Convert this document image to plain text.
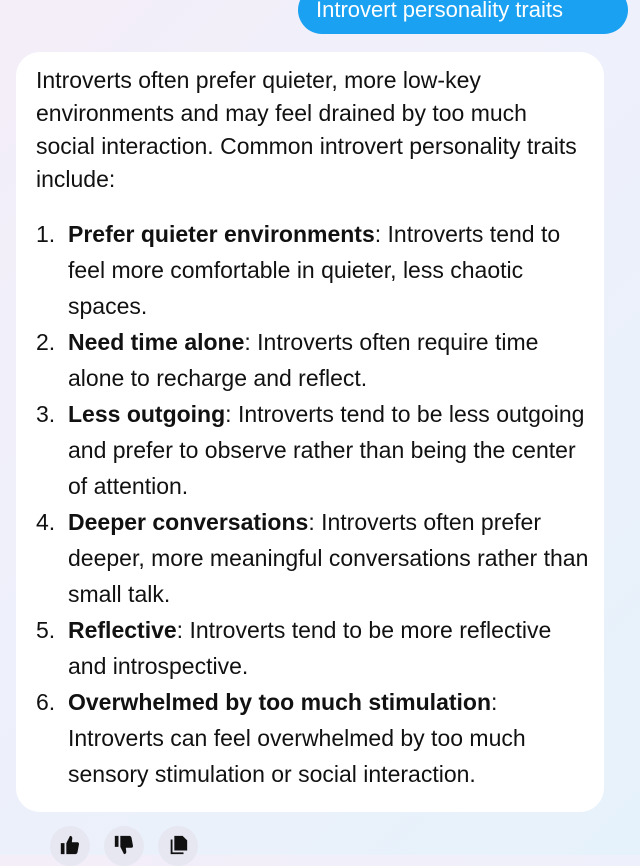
Introvert personality traits

Introverts often prefer quieter, more low-key environments and may feel drained by too much social interaction. Common introvert personality traits include:

1. Prefer quieter environments: Introverts tend to feel more comfortable in quieter, less chaotic spaces.
2. Need time alone: Introverts often require time alone to recharge and reflect.
3. Less outgoing: Introverts tend to be less outgoing and prefer to observe rather than being the center of attention.
4. Deeper conversations: Introverts often prefer deeper, more meaningful conversations rather than small talk.
5. Reflective: Introverts tend to be more reflective and introspective.
6. Overwhelmed by too much stimulation: Introverts can feel overwhelmed by too much sensory stimulation or social interaction.
